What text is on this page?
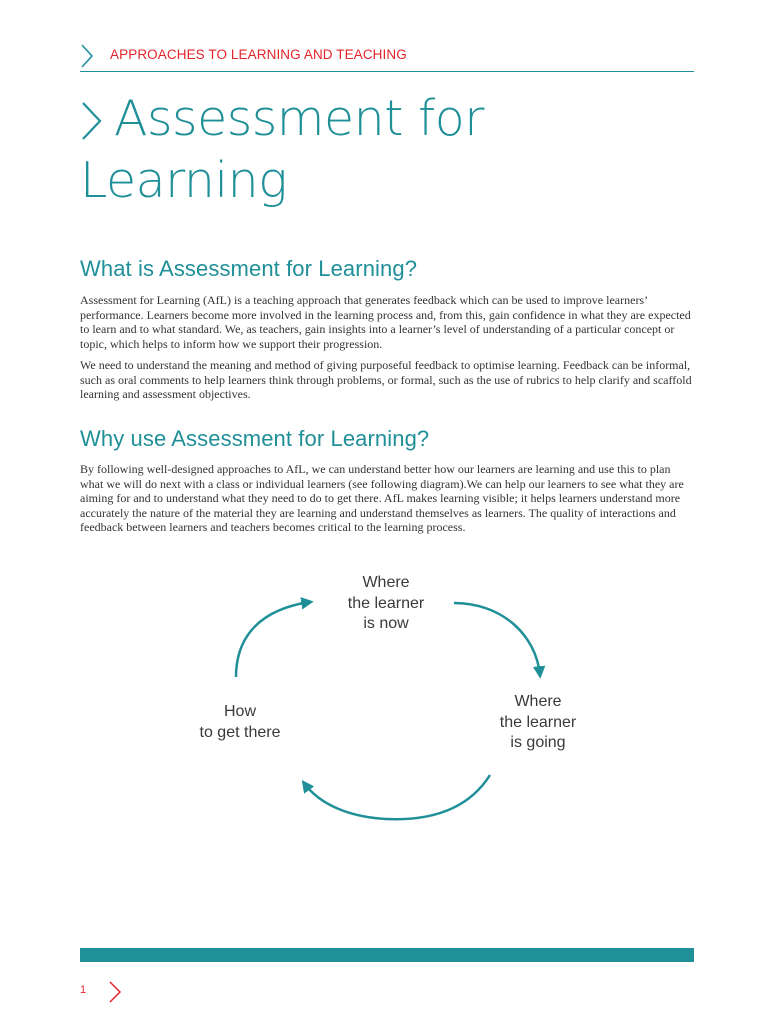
APPROACHES TO LEARNING AND TEACHING
Assessment for Learning
What is Assessment for Learning?

Assessment for Learning (AfL) is a teaching approach that generates feedback which can be used to improve learners’ performance. Learners become more involved in the learning process and, from this, gain confidence in what they are expected to learn and to what standard. We, as teachers, gain insights into a learner’s level of understanding of a particular concept or topic, which helps to inform how we support their progression.

We need to understand the meaning and method of giving purposeful feedback to optimise learning. Feedback can be informal, such as oral comments to help learners think through problems, or formal, such as the use of rubrics to help clarify and scaffold learning and assessment objectives.

Why use Assessment for Learning?

By following well-designed approaches to AfL, we can understand better how our learners are learning and use this to plan what we will do next with a class or individual learners (see following diagram).We can help our learners to see what they are aiming for and to understand what they need to do to get there. AfL makes learning visible; it helps learners understand more accurately the nature of the material they are learning and understand themselves as learners. The quality of interactions and feedback between learners and teachers becomes critical to the learning process.

Where
the learner
is now
Where
the learner
is going
How
to get there
1
